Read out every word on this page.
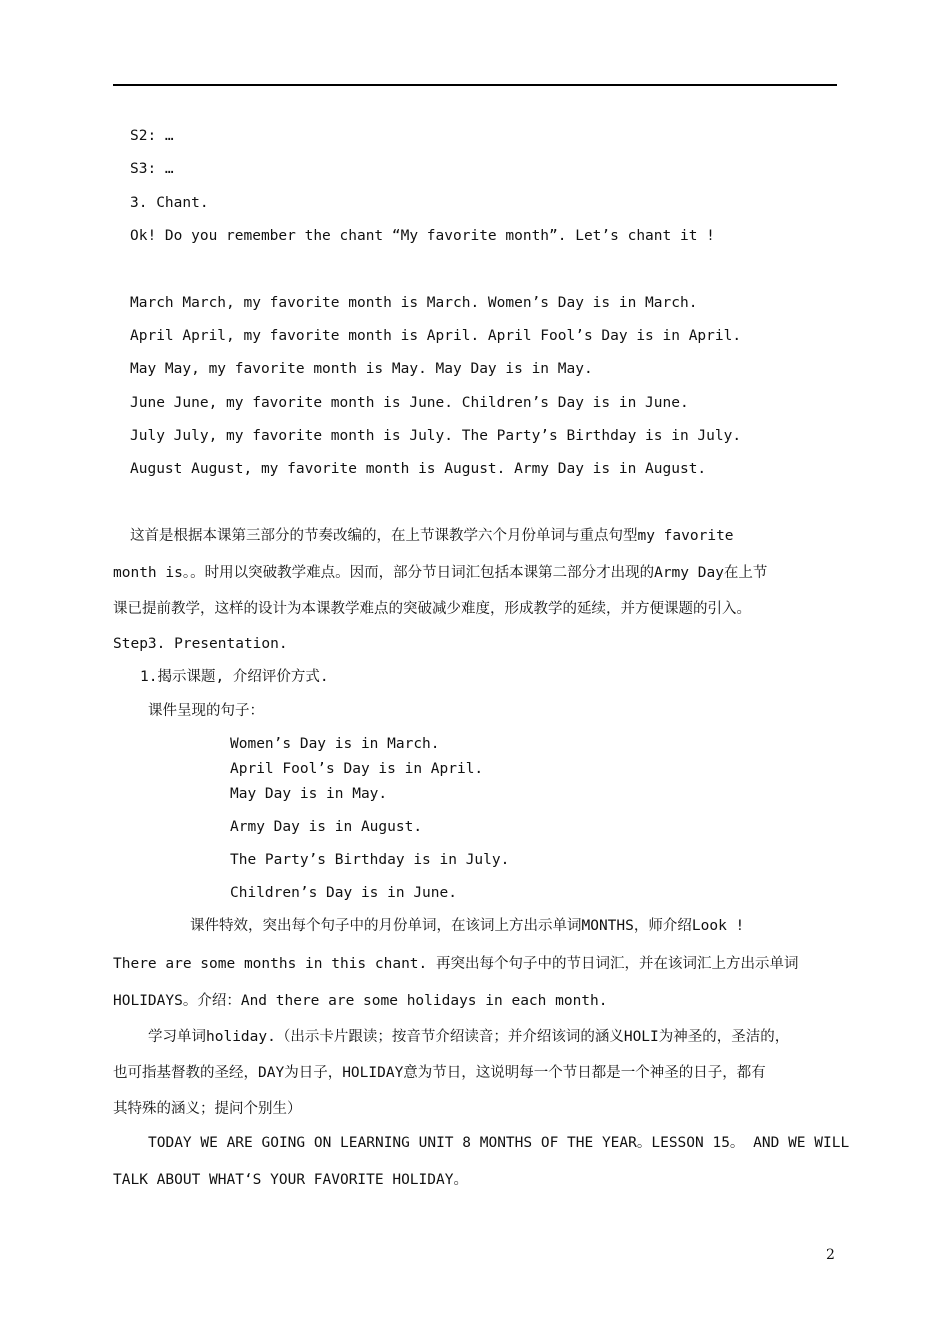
S2: …
S3: …
3. Chant.
Ok! Do you remember the chant “My favorite month”. Let’s chant it !
March March, my favorite month is March. Women’s Day is in March.
April April, my favorite month is April. April Fool’s Day is in April.
May May, my favorite month is May. May Day is in May.
June June, my favorite month is June. Children’s Day is in June.
July July, my favorite month is July. The Party’s Birthday is in July.
August August, my favorite month is August. Army Day is in August.
这首是根据本课第三部分的节奏改编的，在上节课教学六个月份单词与重点句型my favorite
month is。。时用以突破教学难点。因而，部分节日词汇包括本课第二部分才出现的Army Day在上节
课已提前教学，这样的设计为本课教学难点的突破减少难度，形成教学的延续，并方便课题的引入。
Step3. Presentation.
1.揭示课题, 介绍评价方式.
课件呈现的句子：
Women’s Day is in March.
April Fool’s Day is in April.
May Day is in May.
Army Day is in August.
The Party’s Birthday is in July.
Children’s Day is in June.
课件特效，突出每个句子中的月份单词，在该词上方出示单词MONTHS，师介绍Look !
There are some months in this chant. 再突出每个句子中的节日词汇，并在该词汇上方出示单词
HOLIDAYS。介绍：And there are some holidays in each month.
学习单词holiday.（出示卡片跟读；按音节介绍读音；并介绍该词的涵义HOLI为神圣的，圣洁的，
也可指基督教的圣经，DAY为日子，HOLIDAY意为节日，这说明每一个节日都是一个神圣的日子，都有
其特殊的涵义；提问个别生）
TODAY WE ARE GOING ON LEARNING UNIT 8 MONTHS OF THE YEAR。LESSON 15。 AND WE WILL
TALK ABOUT WHAT‘S YOUR FAVORITE HOLIDAY。
2
